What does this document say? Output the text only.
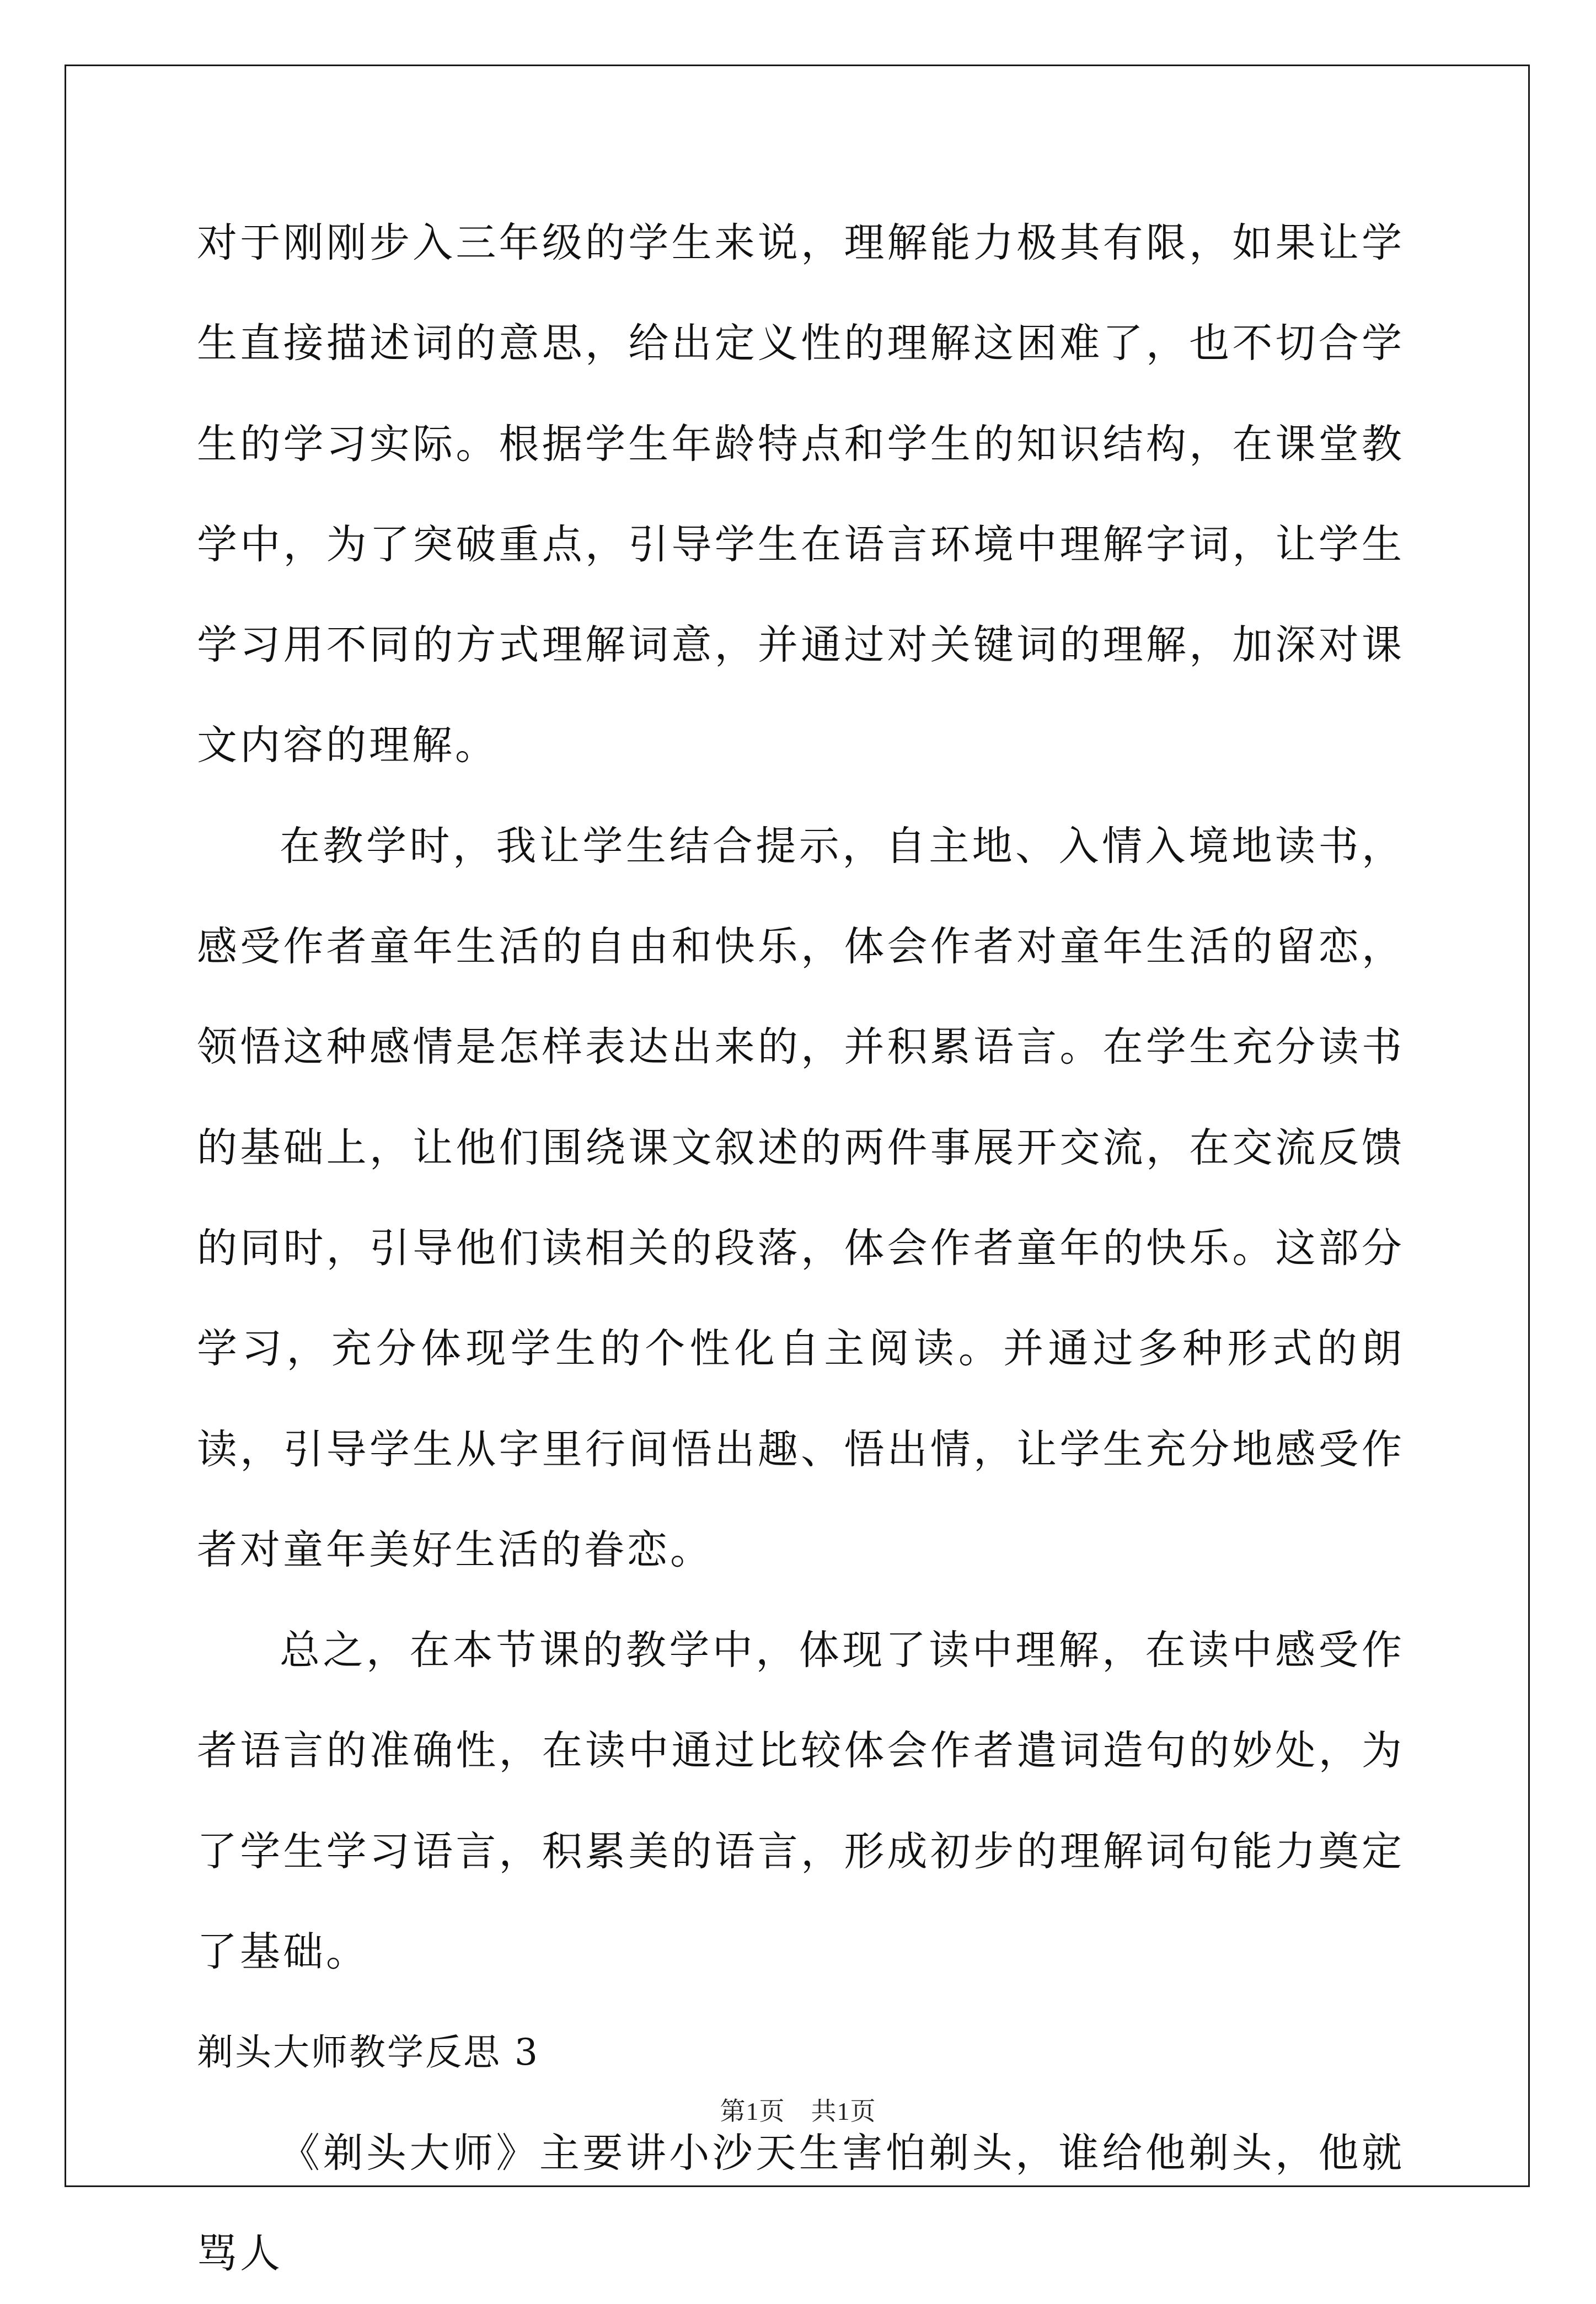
对于刚刚步入三年级的学生来说，理解能力极其有限，如果让学生直接描述词的意思，给出定义性的理解这困难了，也不切合学生的学习实际。根据学生年龄特点和学生的知识结构，在课堂教学中，为了突破重点，引导学生在语言环境中理解字词，让学生学习用不同的方式理解词意，并通过对关键词的理解，加深对课文内容的理解。

在教学时，我让学生结合提示，自主地、入情入境地读书，感受作者童年生活的自由和快乐，体会作者对童年生活的留恋，领悟这种感情是怎样表达出来的，并积累语言。在学生充分读书的基础上，让他们围绕课文叙述的两件事展开交流，在交流反馈的同时，引导他们读相关的段落，体会作者童年的快乐。这部分学习，充分体现学生的个性化自主阅读。并通过多种形式的朗读，引导学生从字里行间悟出趣、悟出情，让学生充分地感受作者对童年美好生活的眷恋。

总之，在本节课的教学中，体现了读中理解，在读中感受作者语言的准确性，在读中通过比较体会作者遣词造句的妙处，为了学生学习语言，积累美的语言，形成初步的理解词句能力奠定了基础。

剃头大师教学反思 3

《剃头大师》主要讲小沙天生害怕剃头，谁给他剃头，他就骂人

第1页　共1页
